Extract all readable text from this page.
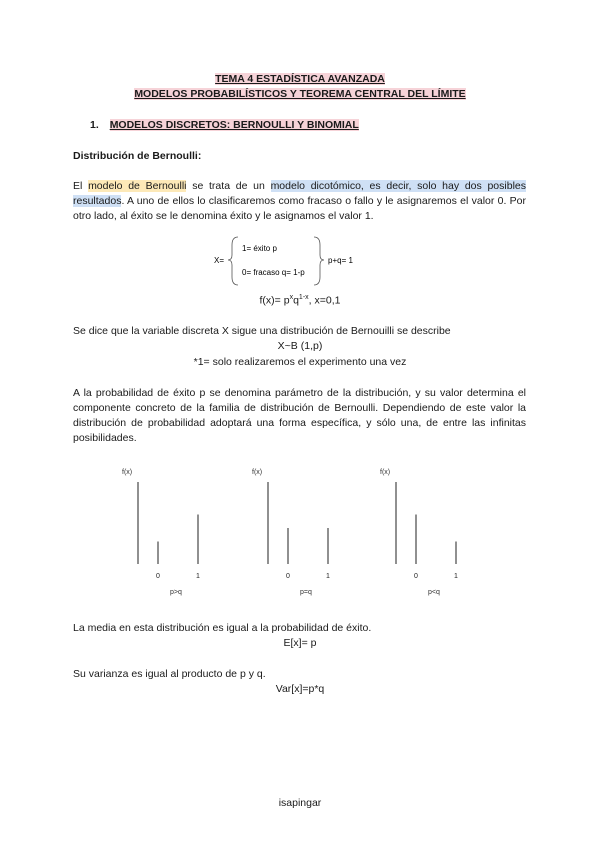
TEMA 4 ESTADÍSTICA AVANZADA
MODELOS PROBABILÍSTICOS Y TEOREMA CENTRAL DEL LÍMITE
1. MODELOS DISCRETOS: BERNOULLI Y BINOMIAL
Distribución de Bernoulli:
El modelo de Bernoulli se trata de un modelo dicotómico, es decir, solo hay dos posibles resultados. A uno de ellos lo clasificaremos como fracaso o fallo y le asignaremos el valor 0. Por otro lado, al éxito se le denomina éxito y le asignamos el valor 1.
X=
1= éxito p
0= fracaso q= 1-p
p+q= 1
$f(x)= p^xq^{1-x}$, x=0,1
Se dice que la variable discreta X sigue una distribución de Bernouilli se describe
X~B (1,p)
*1= solo realizaremos el experimento una vez
A la probabilidad de éxito p se denomina parámetro de la distribución, y su valor determina el componente concreto de la familia de distribución de Bernoulli. Dependiendo de este valor la distribución de probabilidad adoptará una forma específica, y sólo una, de entre las infinitas posibilidades.
f(x)
0	1
p>q
f(x)
0	1
p=q
f(x)
0	1
p<q
La media en esta distribución es igual a la probabilidad de éxito.
E[x]= p
Su varianza es igual al producto de p y q.
Var[x]=p*q
isapingar
